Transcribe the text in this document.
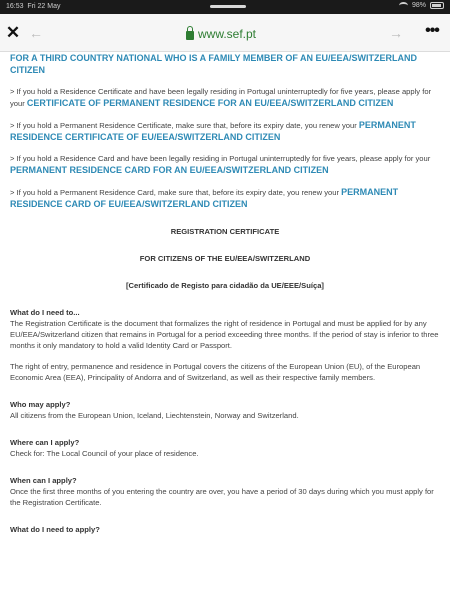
16:53 Fri 22 May	98%
✕ ←	www.sef.pt	→	•••
FOR A THIRD COUNTRY NATIONAL WHO IS A FAMILY MEMBER OF AN EU/EEA/SWITZERLAND CITIZEN
> If you hold a Residence Certificate and have been legally residing in Portugal uninterruptedly for five years, please apply for your CERTIFICATE OF PERMANENT RESIDENCE FOR AN EU/EEA/SWITZERLAND CITIZEN
> If you hold a Permanent Residence Certificate, make sure that, before its expiry date, you renew your PERMANENT RESIDENCE CERTIFICATE OF EU/EEA/SWITZERLAND CITIZEN
> If you hold a Residence Card and have been legally residing in Portugal uninterruptedly for five years, please apply for your PERMANENT RESIDENCE CARD FOR AN EU/EEA/SWITZERLAND CITIZEN
> If you hold a Permanent Residence Card, make sure that, before its expiry date, you renew your PERMANENT RESIDENCE CARD OF EU/EEA/SWITZERLAND CITIZEN
REGISTRATION CERTIFICATE
FOR CITIZENS OF THE EU/EEA/SWITZERLAND
[Certificado de Registo para cidadão da UE/EEE/Suíça]
What do I need to...
The Registration Certificate is the document that formalizes the right of residence in Portugal and must be applied for by any EU/EEA/Switzerland citizen that remains in Portugal for a period exceeding three months. If the period of stay is inferior to three months it only mandatory to hold a valid Identity Card or Passport.
The right of entry, permanence and residence in Portugal covers the citizens of the European Union (EU), of the European Economic Area (EEA), Principality of Andorra and of Switzerland, as well as their respective family members.
Who may apply?
All citizens from the European Union, Iceland, Liechtenstein, Norway and Switzerland.
Where can I apply?
Check for: The Local Council of your place of residence.
When can I apply?
Once the first three months of you entering the country are over, you have a period of 30 days during which you must apply for the Registration Certificate.
What do I need to apply?
